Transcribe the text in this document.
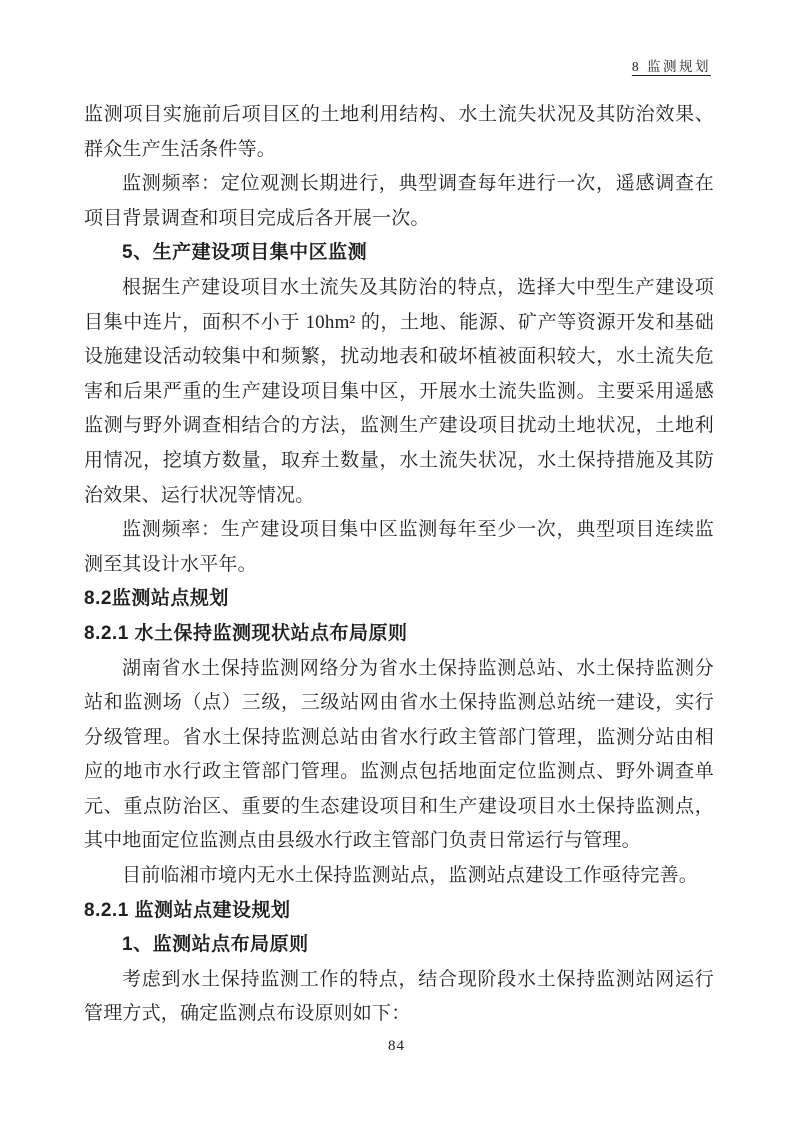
8 监测规划

监测项目实施前后项目区的土地利用结构、水土流失状况及其防治效果、群众生产生活条件等。

监测频率：定位观测长期进行，典型调查每年进行一次，遥感调查在项目背景调查和项目完成后各开展一次。

5、生产建设项目集中区监测

根据生产建设项目水土流失及其防治的特点，选择大中型生产建设项目集中连片，面积不小于 10hm² 的，土地、能源、矿产等资源开发和基础设施建设活动较集中和频繁，扰动地表和破坏植被面积较大，水土流失危害和后果严重的生产建设项目集中区，开展水土流失监测。主要采用遥感监测与野外调查相结合的方法，监测生产建设项目扰动土地状况，土地利用情况，挖填方数量，取弃土数量，水土流失状况，水土保持措施及其防治效果、运行状况等情况。

监测频率：生产建设项目集中区监测每年至少一次，典型项目连续监测至其设计水平年。

8.2监测站点规划

8.2.1 水土保持监测现状站点布局原则

湖南省水土保持监测网络分为省水土保持监测总站、水土保持监测分站和监测场（点）三级，三级站网由省水土保持监测总站统一建设，实行分级管理。省水土保持监测总站由省水行政主管部门管理，监测分站由相应的地市水行政主管部门管理。监测点包括地面定位监测点、野外调查单元、重点防治区、重要的生态建设项目和生产建设项目水土保持监测点，其中地面定位监测点由县级水行政主管部门负责日常运行与管理。

目前临湘市境内无水土保持监测站点，监测站点建设工作亟待完善。

8.2.1 监测站点建设规划

1、监测站点布局原则

考虑到水土保持监测工作的特点，结合现阶段水土保持监测站网运行管理方式，确定监测点布设原则如下：

84
